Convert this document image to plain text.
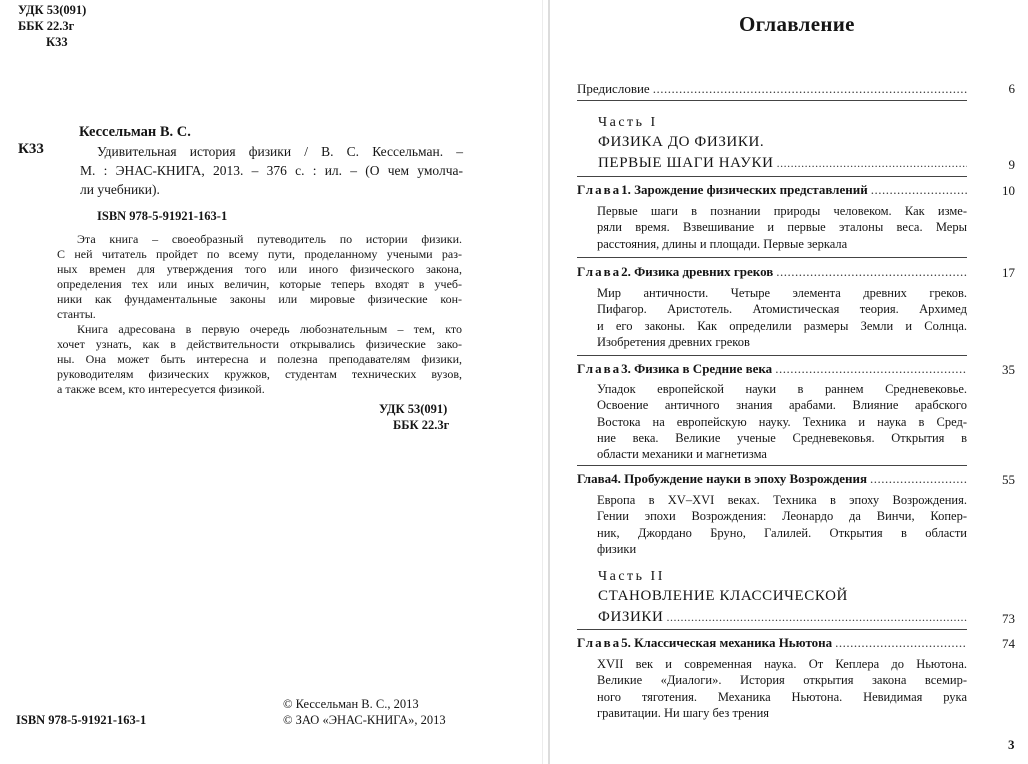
УДК 53(091)
ББК 22.3г
К33
К33
Кессельман В. С.
Удивительная история физики / В. С. Кессельман. –
М. : ЭНАС-КНИГА, 2013. – 376 с. : ил. – (О чем умолча-
ли учебники).
ISBN 978-5-91921-163-1
Эта книга – своеобразный путеводитель по истории физики.
С ней читатель пройдет по всему пути, проделанному учеными раз-
ных времен для утверждения того или иного физического закона,
определения тех или иных величин, которые теперь входят в учеб-
ники как фундаментальные законы или мировые физические кон-
станты.
Книга адресована в первую очередь любознательным – тем, кто
хочет узнать, как в действительности открывались физические зако-
ны. Она может быть интересна и полезна преподавателям физики,
руководителям физических кружков, студентам технических вузов,
а также всем, кто интересуется физикой.
УДК 53(091)
ББК 22.3г
ISBN 978-5-91921-163-1
© Кессельман В. С., 2013
© ЗАО «ЭНАС-КНИГА», 2013
Оглавление
Предисловие .....	6
Часть I
ФИЗИКА ДО ФИЗИКИ.
ПЕРВЫЕ ШАГИ НАУКИ .....	9
Глава 1. Зарождение физических представлений .....	10
Первые шаги в познании природы человеком. Как изме-
ряли время. Взвешивание и первые эталоны веса. Меры
расстояния, длины и площади. Первые зеркала
Глава 2. Физика древних греков .....	17
Мир античности. Четыре элемента древних греков.
Пифагор. Аристотель. Атомистическая теория. Архимед
и его законы. Как определили размеры Земли и Солнца.
Изобретения древних греков
Глава 3. Физика в Средние века .....	35
Упадок европейской науки в раннем Средневековье.
Освоение античного знания арабами. Влияние арабского
Востока на европейскую науку. Техника и наука в Сред-
ние века. Великие ученые Средневековья. Открытия в
области механики и магнетизма
Глава 4. Пробуждение науки в эпоху Возрождения .....	55
Европа в XV–XVI веках. Техника в эпоху Возрождения.
Гении эпохи Возрождения: Леонардо да Винчи, Копер-
ник, Джордано Бруно, Галилей. Открытия в области
физики
Часть II
СТАНОВЛЕНИЕ КЛАССИЧЕСКОЙ
ФИЗИКИ .....	73
Глава 5. Классическая механика Ньютона .....	74
XVII век и современная наука. От Кеплера до Ньютона.
Великие «Диалоги». История открытия закона всемир-
ного тяготения. Механика Ньютона. Невидимая рука
гравитации. Ни шагу без трения
3
